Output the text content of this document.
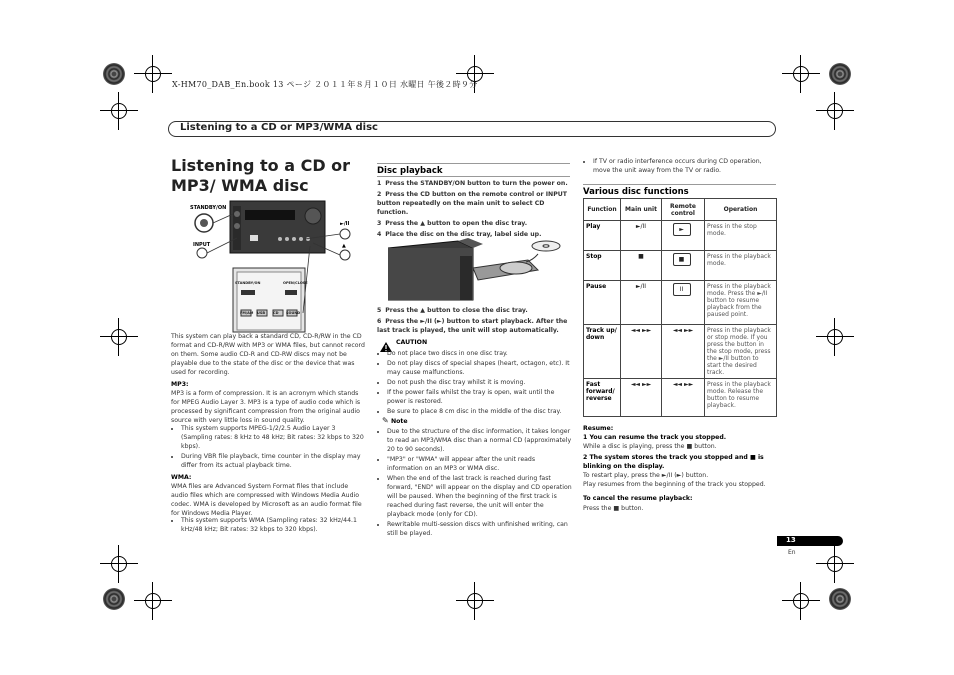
X-HM70_DAB_En.book 13 ページ ２０１１年８月１０日 水曜日 午後２時９分
Listening to a CD or MP3/WMA disc
Listening to a CD or MP3/ WMA disc
STANDBY/ON
INPUT
►/II
▲
STANDBY/ON	OPEN/CLOSE
FM/AM USB CD SOUND
This system can play back a standard CD, CD-R/RW in the CD format and CD-R/RW with MP3 or WMA files, but cannot record on them. Some audio CD-R and CD-RW discs may not be playable due to the state of the disc or the device that was used for recording.
MP3:
MP3 is a form of compression. It is an acronym which stands for MPEG Audio Layer 3. MP3 is a type of audio code which is processed by significant compression from the original audio source with very little loss in sound quality.
• This system supports MPEG-1/2/2.5 Audio Layer 3 (Sampling rates: 8 kHz to 48 kHz; Bit rates: 32 kbps to 320 kbps).
• During VBR file playback, time counter in the display may differ from its actual playback time.
WMA:
WMA files are Advanced System Format files that include audio files which are compressed with Windows Media Audio codec. WMA is developed by Microsoft as an audio format file for Windows Media Player.
• This system supports WMA (Sampling rates: 32 kHz/44.1 kHz/48 kHz; Bit rates: 32 kbps to 320 kbps).
Disc playback
1 Press the STANDBY/ON button to turn the power on.
2 Press the CD button on the remote control or INPUT button repeatedly on the main unit to select CD function.
3 Press the ▲ button to open the disc tray.
4 Place the disc on the disc tray, label side up.
5 Press the ▲ button to close the disc tray.
6 Press the ►/II (►) button to start playback. After the last track is played, the unit will stop automatically.
CAUTION
• Do not place two discs in one disc tray.
• Do not play discs of special shapes (heart, octagon, etc). It may cause malfunctions.
• Do not push the disc tray whilst it is moving.
• If the power fails whilst the tray is open, wait until the power is restored.
• Be sure to place 8 cm disc in the middle of the disc tray.
✎ Note
• Due to the structure of the disc information, it takes longer to read an MP3/WMA disc than a normal CD (approximately 20 to 90 seconds).
• "MP3" or "WMA" will appear after the unit reads information on an MP3 or WMA disc.
• When the end of the last track is reached during fast forward, "END" will appear on the display and CD operation will be paused. When the beginning of the first track is reached during fast reverse, the unit will enter the playback mode (only for CD).
• Rewritable multi-session discs with unfinished writing, can still be played.
• If TV or radio interference occurs during CD operation, move the unit away from the TV or radio.
Various disc functions
Function	Main unit	Remote control	Operation
Play	►/II	►	Press in the stop mode.
Stop	■	■	Press in the playback mode.
Pause	►/II	II	Press in the playback mode. Press the ►/II button to resume playback from the paused point.
Track up/ down	◄◄ ►►	◄◄ ►►	Press in the playback or stop mode. If you press the button in the stop mode, press the ►/II button to start the desired track.
Fast forward/ reverse	◄◄ ►►	◄◄ ►►	Press in the playback mode. Release the button to resume playback.
Resume:
1 You can resume the track you stopped.
While a disc is playing, press the ■ button.
2 The system stores the track you stopped and ■ is blinking on the display.
To restart play, press the ►/II (►) button.
Play resumes from the beginning of the track you stopped.
To cancel the resume playback:
Press the ■ button.
13
En
